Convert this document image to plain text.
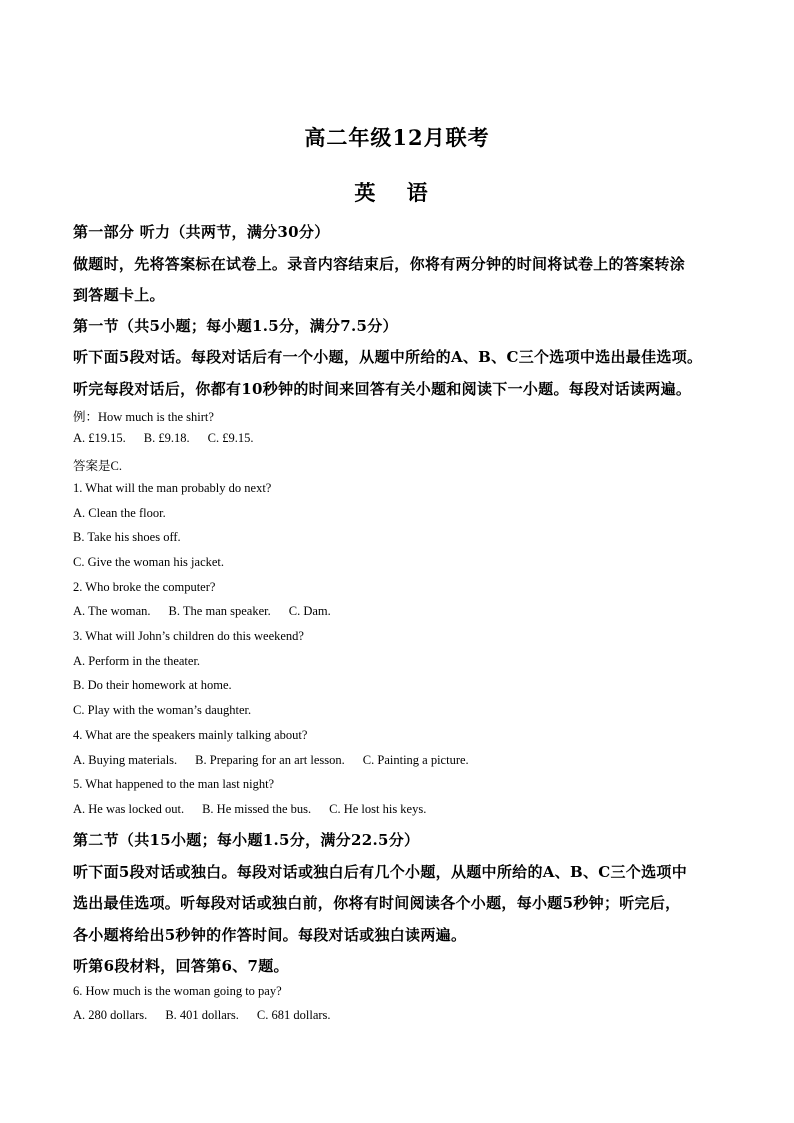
高二年级12月联考
英 语
第一部分 听力（共两节，满分30分）
做题时，先将答案标在试卷上。录音内容结束后，你将有两分钟的时间将试卷上的答案转涂
到答题卡上。
第一节（共5小题；每小题1.5分，满分7.5分）
听下面5段对话。每段对话后有一个小题，从题中所给的A、B、C三个选项中选出最佳选项。
听完每段对话后，你都有10秒钟的时间来回答有关小题和阅读下一小题。每段对话读两遍。
例：How much is the shirt?
A. £19.15. B. £9.18. C. £9.15.
答案是C.
1. What will the man probably do next?
A. Clean the floor.
B. Take his shoes off.
C. Give the woman his jacket.
2. Who broke the computer?
A. The woman. B. The man speaker. C. Dam.
3. What will John’s children do this weekend?
A. Perform in the theater.
B. Do their homework at home.
C. Play with the woman’s daughter.
4. What are the speakers mainly talking about?
A. Buying materials. B. Preparing for an art lesson. C. Painting a picture.
5. What happened to the man last night?
A. He was locked out. B. He missed the bus. C. He lost his keys.
第二节（共15小题；每小题1.5分，满分22.5分）
听下面5段对话或独白。每段对话或独白后有几个小题，从题中所给的A、B、C三个选项中
选出最佳选项。听每段对话或独白前，你将有时间阅读各个小题，每小题5秒钟；听完后，
各小题将给出5秒钟的作答时间。每段对话或独白读两遍。
听第6段材料，回答第6、7题。
6. How much is the woman going to pay?
A. 280 dollars. B. 401 dollars. C. 681 dollars.
